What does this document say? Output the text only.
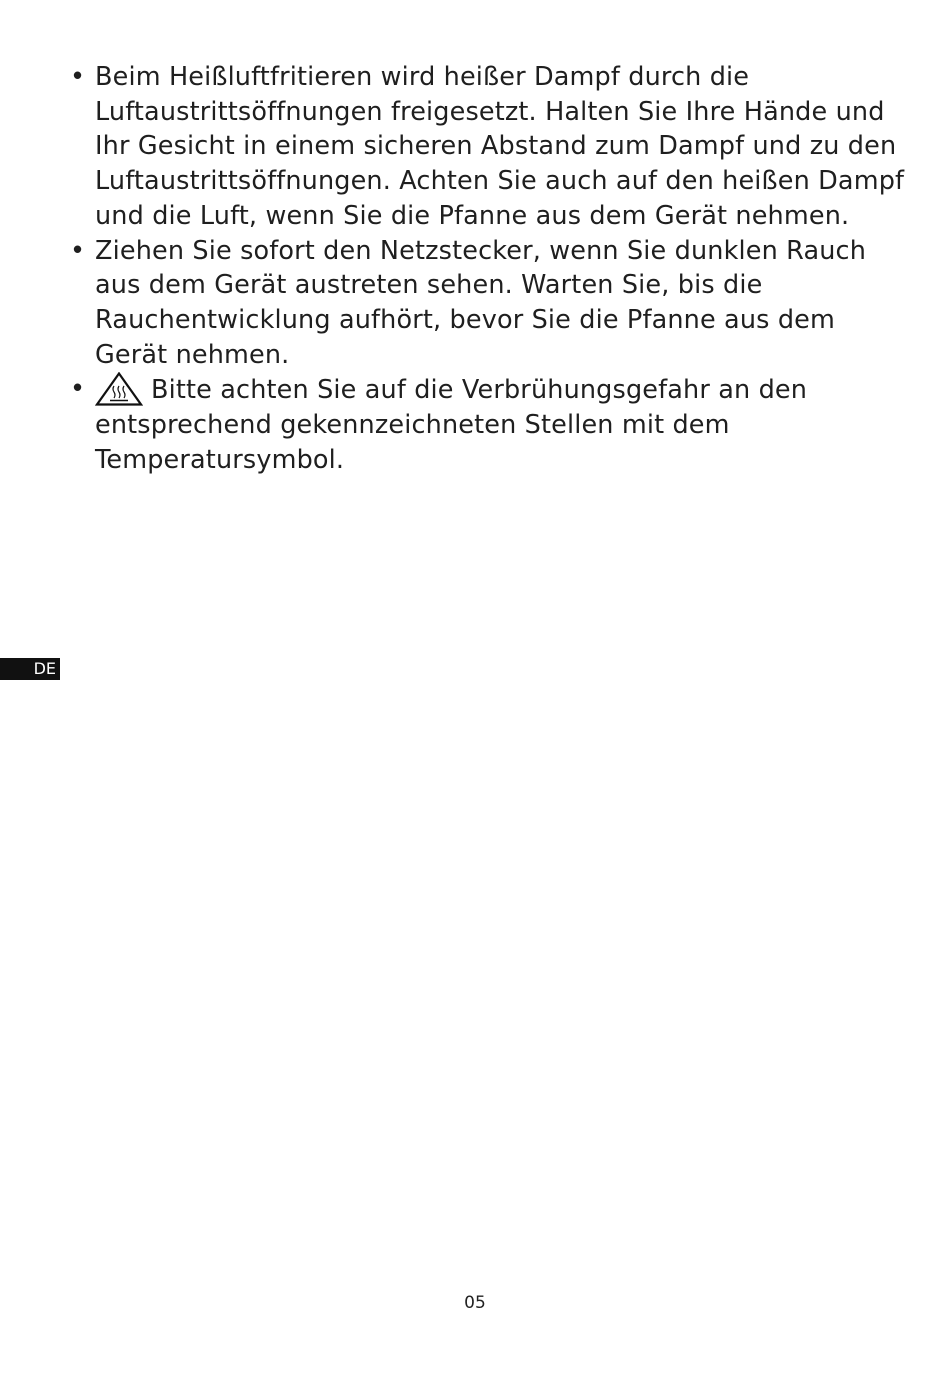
• Beim Heißluftfritieren wird heißer Dampf durch die Luftaustrittsöffnungen freigesetzt. Halten Sie Ihre Hände und Ihr Gesicht in einem sicheren Abstand zum Dampf und zu den Luftaustrittsöffnungen. Achten Sie auch auf den heißen Dampf und die Luft, wenn Sie die Pfanne aus dem Gerät nehmen.

• Ziehen Sie sofort den Netzstecker, wenn Sie dunklen Rauch aus dem Gerät austreten sehen. Warten Sie, bis die Rauchentwicklung aufhört, bevor Sie die Pfanne aus dem Gerät nehmen.

•	Bitte achten Sie auf die Verbrühungsgefahr an den entsprechend gekennzeichneten Stellen mit dem Temperatursymbol.

DE
05
